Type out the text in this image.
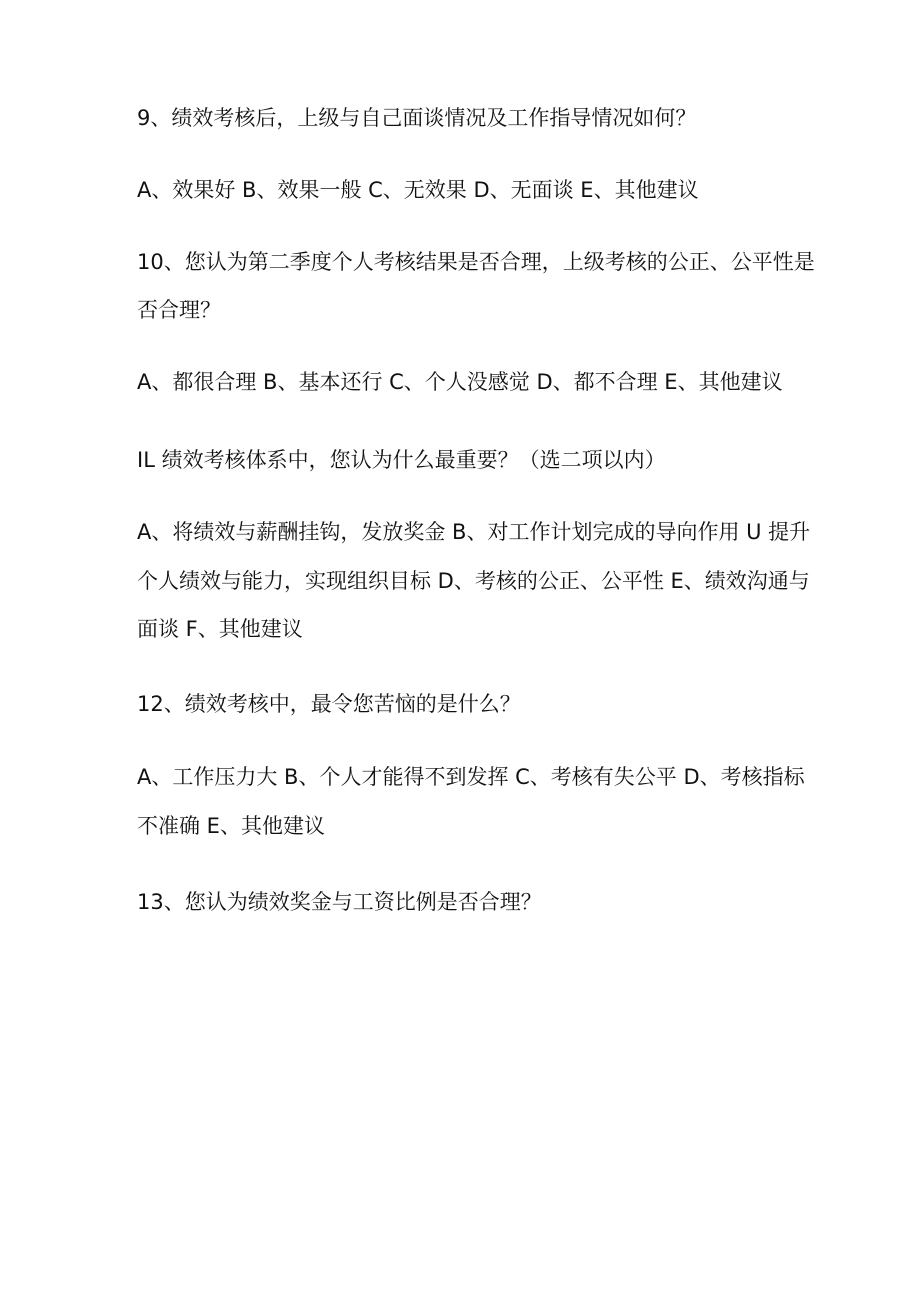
9、绩效考核后，上级与自己面谈情况及工作指导情况如何？
A、效果好 B、效果一般 C、无效果 D、无面谈 E、其他建议
10、您认为第二季度个人考核结果是否合理，上级考核的公正、公平性是
否合理？
A、都很合理 B、基本还行 C、个人没感觉 D、都不合理 E、其他建议
IL 绩效考核体系中，您认为什么最重要？（选二项以内）
A、将绩效与薪酬挂钩，发放奖金 B、对工作计划完成的导向作用 U 提升
个人绩效与能力，实现组织目标 D、考核的公正、公平性 E、绩效沟通与
面谈 F、其他建议
12、绩效考核中，最令您苦恼的是什么？
A、工作压力大 B、个人才能得不到发挥 C、考核有失公平 D、考核指标
不准确 E、其他建议
13、您认为绩效奖金与工资比例是否合理？
